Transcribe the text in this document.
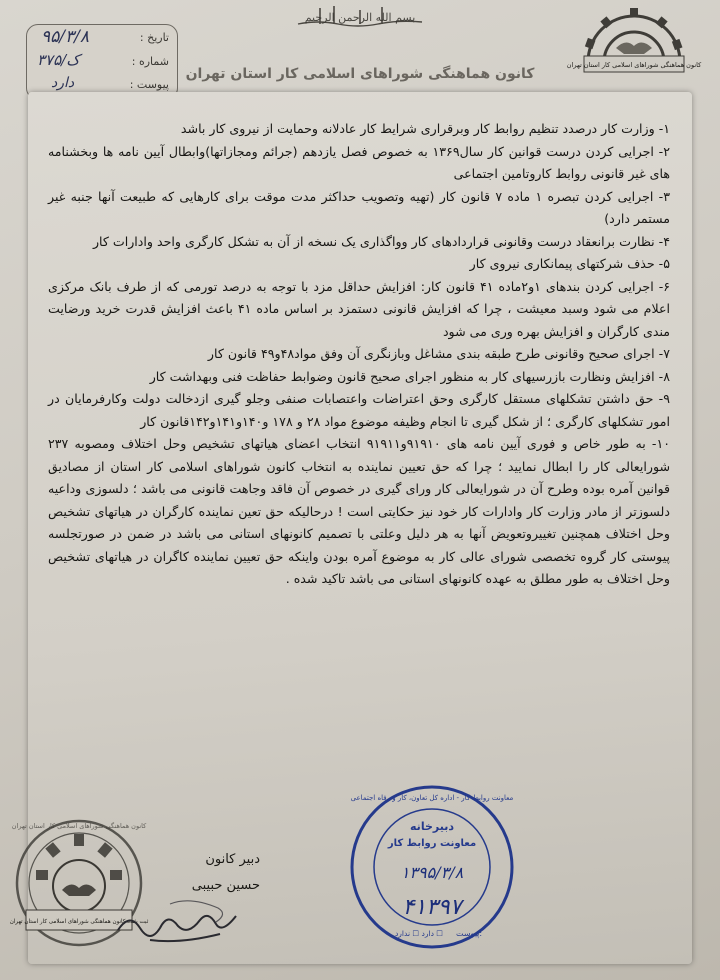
کانون هماهنگی شوراهای اسلامی کار استان تهران
بسم الله الرحمن الرحیم
تاریخ :
شماره :
پیوست :
۹۵/۳/۸
۳۷۵/ک
دارد
کانون هماهنگی شوراهای اسلامی کار استان تهران

۱- وزارت کار درصدد تنظیم روابط کار وبرقراری شرایط کار عادلانه وحمایت از نیروی کار باشد

۲- اجرایی کردن درست قوانین کار سال۱۳۶۹ به خصوص فصل یازدهم (جرائم ومجازاتها)وابطال آیین نامه ها وبخشنامه های غیر قانونی روابط کاروتامین اجتماعی

۳- اجرایی کردن تبصره ۱ ماده ۷ قانون کار (تهیه وتصویب حداکثر مدت موقت برای کارهایی که طبیعت آنها جنبه غیر مستمر دارد)

۴- نظارت برانعقاد درست وقانونی قراردادهای کار وواگذاری یک نسخه از آن به تشکل کارگری واحد وادارات کار

۵- حذف شرکتهای پیمانکاری نیروی کار

۶- اجرایی کردن بندهای ۱و۲ماده ۴۱ قانون کار: افزایش حداقل مزد با توجه به درصد تورمی که از طرف بانک مرکزی اعلام می شود وسبد معیشت ، چرا که افزایش قانونی دستمزد بر اساس ماده ۴۱ باعث افزایش قدرت خرید ورضایت مندی کارگران و افزایش بهره وری می شود

۷- اجرای صحیح وقانونی طرح طبقه بندی مشاغل وبازنگری آن وفق مواد۴۸و۴۹ قانون کار

۸- افزایش ونظارت بازرسیهای کار به منظور اجرای صحیح قانون وضوابط حفاظت فنی وبهداشت کار

۹- حق داشتن تشکلهای مستقل کارگری وحق اعتراضات واعتصابات صنفی وجلو گیری ازدخالت دولت وکارفرمایان در امور تشکلهای کارگری ؛ از شکل گیری تا انجام وظیفه موضوع مواد ۲۸ و ۱۷۸ و۱۴۰و۱۴۱و۱۴۲قانون کار

۱۰- به طور خاص و فوری آیین نامه های ۹۱۹۱۰و۹۱۹۱۱ انتخاب اعضای هیاتهای تشخیص وحل اختلاف ومصوبه ۲۳۷ شورایعالی کار را ابطال نمایید ؛ چرا که حق تعیین نماینده به انتخاب کانون شوراهای اسلامی کار استان از مصادیق قوانین آمره بوده وطرح آن در شورایعالی کار ورای گیری در خصوص آن فاقد وجاهت قانونی می باشد ؛ دلسوزی وداعیه دلسوزتر از مادر وزارت کار وادارات کار خود نیز حکایتی است ! درحالیکه حق تعین نماینده کارگران در هیاتهای تشخیص وحل اختلاف همچنین تغییروتعویض آنها به هر دلیل وعلتی با تصمیم کانونهای استانی می باشد در ضمن در صورتجلسه پیوستی کار گروه تخصصی شورای عالی کار به موضوع آمره بودن واینکه حق تعیین نماینده کاگران در هیاتهای تشخیص وحل اختلاف به طور مطلق به عهده کانونهای استانی می باشد تاکید شده .

ثبت شده کانون هماهنگی شوراهای اسلامی کار استان تهران
کانون هماهنگی شوراهای اسلامی کار استان تهران
دبیر کانون
حسین حبیبی
معاونت روابط کار - اداره کل تعاون، کار و رفاه اجتماعی
دبیرخانه
معاونت روابط کار
۱۳۹۵/۳/۸
۴۱۳۹۷
پیوست:
دارد ☐ ندارد ☐
